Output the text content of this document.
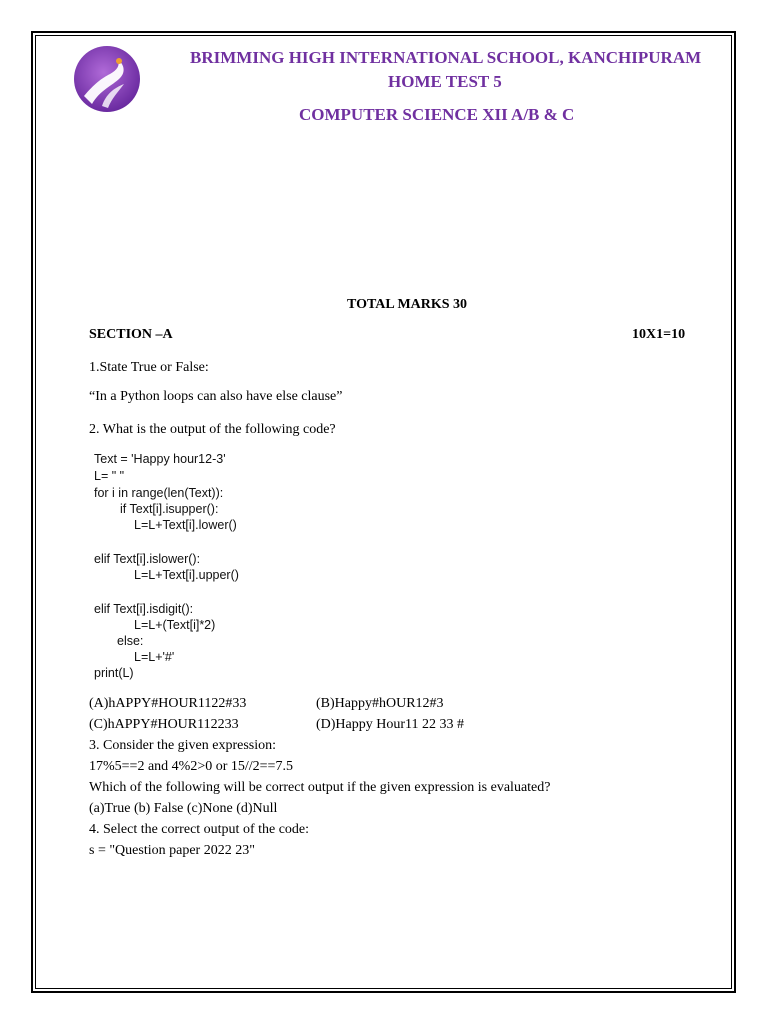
BRIMMING HIGH INTERNATIONAL SCHOOL, KANCHIPURAM
HOME TEST 5
COMPUTER SCIENCE XII A/B & C
TOTAL MARKS 30
SECTION –A	10X1=10
1.State True or False:
“In a Python loops can also have else clause”
2. What is the output of the following code?
Text = 'Happy hour12-3'
L= " "
for i in range(len(Text)):
if Text[i].isupper():
L=L+Text[i].lower()
elif Text[i].islower():
L=L+Text[i].upper()
elif Text[i].isdigit():
L=L+(Text[i]*2)
else:
L=L+'#'
print(L)
(A)hAPPY#HOUR1122#33	(B)Happy#hOUR12#3
(C)hAPPY#HOUR112233	(D)Happy Hour11 22 33 #
3. Consider the given expression:
17%5==2 and 4%2>0 or 15//2==7.5
Which of the following will be correct output if the given expression is evaluated?
(a)True (b) False (c)None (d)Null
4. Select the correct output of the code:
s = "Question paper 2022 23"
